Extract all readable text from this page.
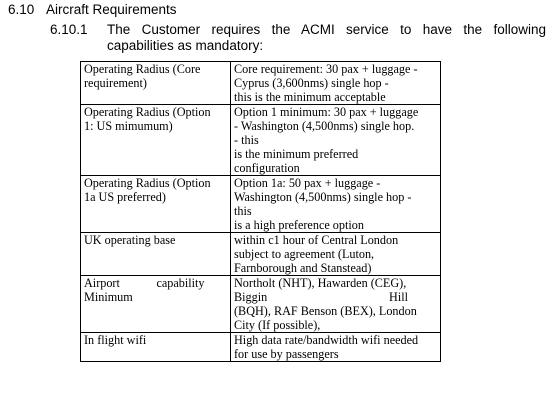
6.10 Aircraft Requirements
6.10.1 The Customer requires the ACMI service to have the following
capabilities as mandatory:
Operating Radius (Core
requirement)	Core requirement: 30 pax + luggage -
Cyprus (3,600nms) single hop -
this is the minimum acceptable

Operating Radius (Option
1: US mimumum)	Option 1 minimum: 30 pax + luggage
- Washington (4,500nms) single hop.
- this
is the minimum preferred
configuration

Operating Radius (Option
1a US preferred)	Option 1a: 50 pax + luggage -
Washington (4,500nms) single hop -
this
is a high preference option

UK operating base	within c1 hour of Central London
subject to agreement (Luton,
Farnborough and Stanstead)

Airport            capability
Minimum	Northolt (NHT), Hawarden (CEG),
Biggin                                        Hill
(BQH), RAF Benson (BEX), London
City (If possible),

In flight wifi	High data rate/bandwidth wifi needed
for use by passengers
